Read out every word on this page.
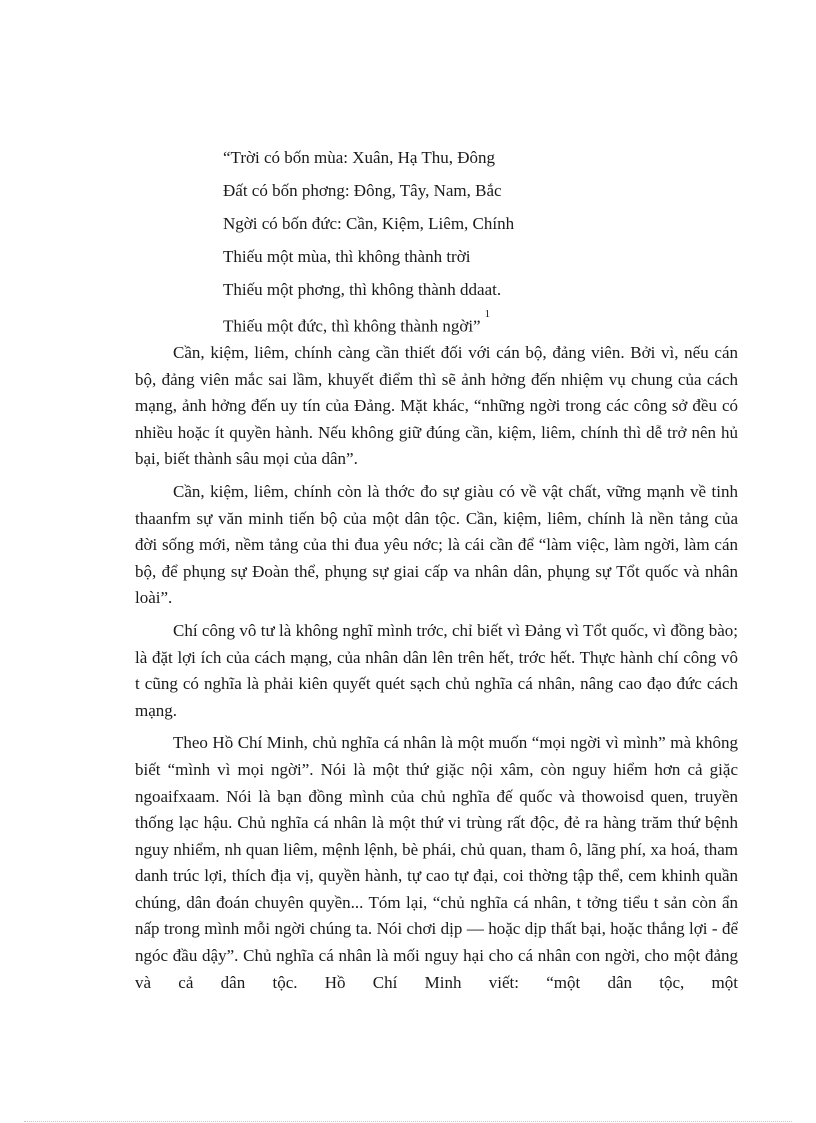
“Trời có bốn mùa: Xuân, Hạ Thu, Đông
Đất có bốn phơng: Đông, Tây, Nam, Bắc
Ngời có bốn đức: Cần, Kiệm, Liêm, Chính
Thiếu một mùa, thì không thành trời
Thiếu một phơng, thì không thành ddaat.
Thiếu một đức, thì không thành ngời”$^1$

Cần, kiệm, liêm, chính càng cần thiết đối với cán bộ, đảng viên. Bởi vì, nếu cán bộ, đảng viên mắc sai lầm, khuyết điểm thì sẽ ảnh hởng đến nhiệm vụ chung của cách mạng, ảnh hởng đến uy tín của Đảng. Mặt khác, “những ngời trong các công sở đều có nhiều hoặc ít quyền hành. Nếu không giữ đúng cần, kiệm, liêm, chính thì dễ trở nên hủ bại, biết thành sâu mọi của dân”.

Cần, kiệm, liêm, chính còn là thớc đo sự giàu có về vật chất, vững mạnh về tinh thaanfm sự văn minh tiến bộ của một dân tộc. Cần, kiệm, liêm, chính là nền tảng của đời sống mới, nềm tảng của thi đua yêu nớc; là cái cần để “làm việc, làm ngời, làm cán bộ, để phụng sự Đoàn thể, phụng sự giai cấp va nhân dân, phụng sự Tổt quốc và nhân loài”.

Chí công vô tư là không nghĩ mình trớc, chỉ biết vì Đảng vì Tổt quốc, vì đồng bào; là đặt lợi ích của cách mạng, của nhân dân lên trên hết, trớc hết. Thực hành chí công vô t cũng có nghĩa là phải kiên quyết quét sạch chủ nghĩa cá nhân, nâng cao đạo đức cách mạng.

Theo Hồ Chí Minh, chủ nghĩa cá nhân là một muốn “mọi ngời vì mình” mà không biết “mình vì mọi ngời”. Nói là một thứ giặc nội xâm, còn nguy hiểm hơn cả giặc ngoaifxaam. Nói là bạn đồng mình của chủ nghĩa đế quốc và thowoisd quen, truyền thống lạc hậu. Chủ nghĩa cá nhân là một thứ vi trùng rất độc, đẻ ra hàng trăm thứ bệnh nguy nhiểm, nh quan liêm, mệnh lệnh, bè phái, chủ quan, tham ô, lãng phí, xa hoá, tham danh trúc lợi, thích địa vị, quyền hành, tự cao tự đại, coi thờng tập thể, cem khinh quần chúng, dân đoán chuyên quyền... Tóm lại, “chủ nghĩa cá nhân, t tởng tiểu t sản còn ẩn nấp trong mình mỗi ngời chúng ta. Nói chơi dịp — hoặc dịp thất bại, hoặc thắng lợi - để ngóc đầu dậy”. Chủ nghĩa cá nhân là mối nguy hại cho cá nhân con ngời, cho một đảng và cả dân tộc. Hồ Chí Minh viết: “một dân tộc, một
